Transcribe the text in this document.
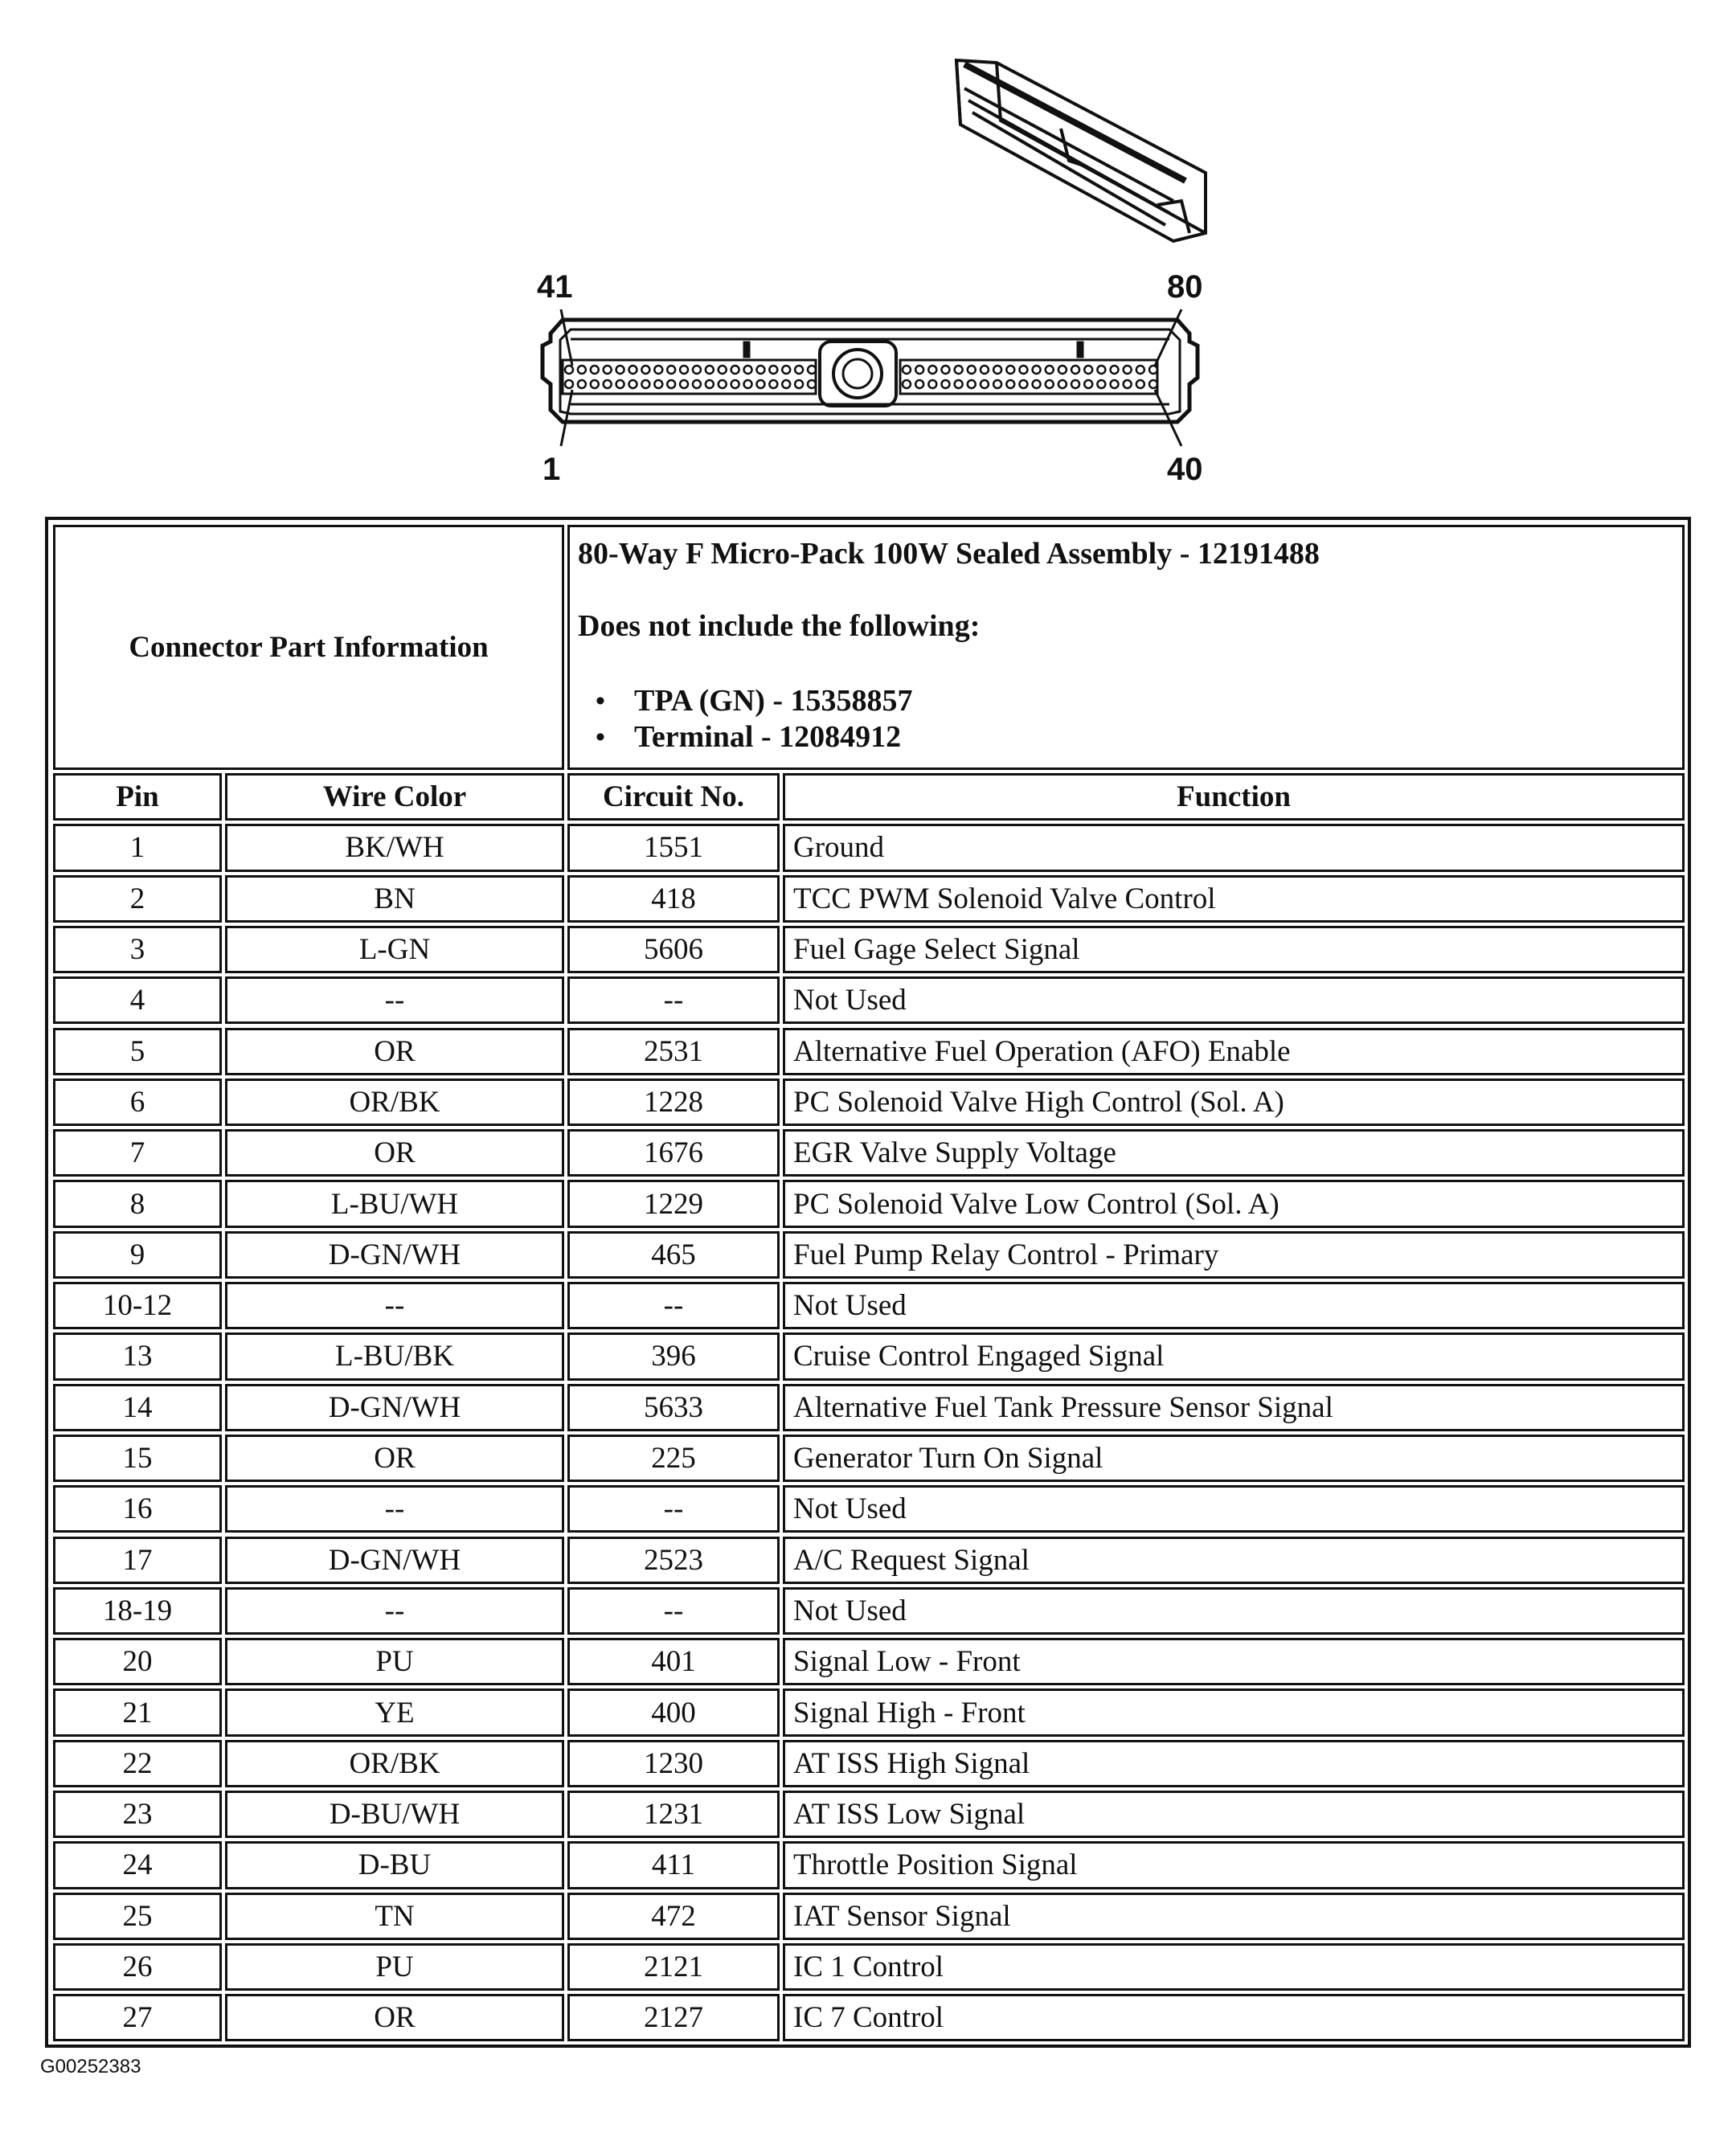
41	80
1	40
Connector Part Information
80-Way F Micro-Pack 100W Sealed Assembly - 12191488
Does not include the following:
• TPA (GN) - 15358857
• Terminal - 12084912
Pin	Wire Color	Circuit No.	Function
1	BK/WH	1551	Ground
2	BN	418	TCC PWM Solenoid Valve Control
3	L-GN	5606	Fuel Gage Select Signal
4	--	--	Not Used
5	OR	2531	Alternative Fuel Operation (AFO) Enable
6	OR/BK	1228	PC Solenoid Valve High Control (Sol. A)
7	OR	1676	EGR Valve Supply Voltage
8	L-BU/WH	1229	PC Solenoid Valve Low Control (Sol. A)
9	D-GN/WH	465	Fuel Pump Relay Control - Primary
10-12	--	--	Not Used
13	L-BU/BK	396	Cruise Control Engaged Signal
14	D-GN/WH	5633	Alternative Fuel Tank Pressure Sensor Signal
15	OR	225	Generator Turn On Signal
16	--	--	Not Used
17	D-GN/WH	2523	A/C Request Signal
18-19	--	--	Not Used
20	PU	401	Signal Low - Front
21	YE	400	Signal High - Front
22	OR/BK	1230	AT ISS High Signal
23	D-BU/WH	1231	AT ISS Low Signal
24	D-BU	411	Throttle Position Signal
25	TN	472	IAT Sensor Signal
26	PU	2121	IC 1 Control
27	OR	2127	IC 7 Control
G00252383
